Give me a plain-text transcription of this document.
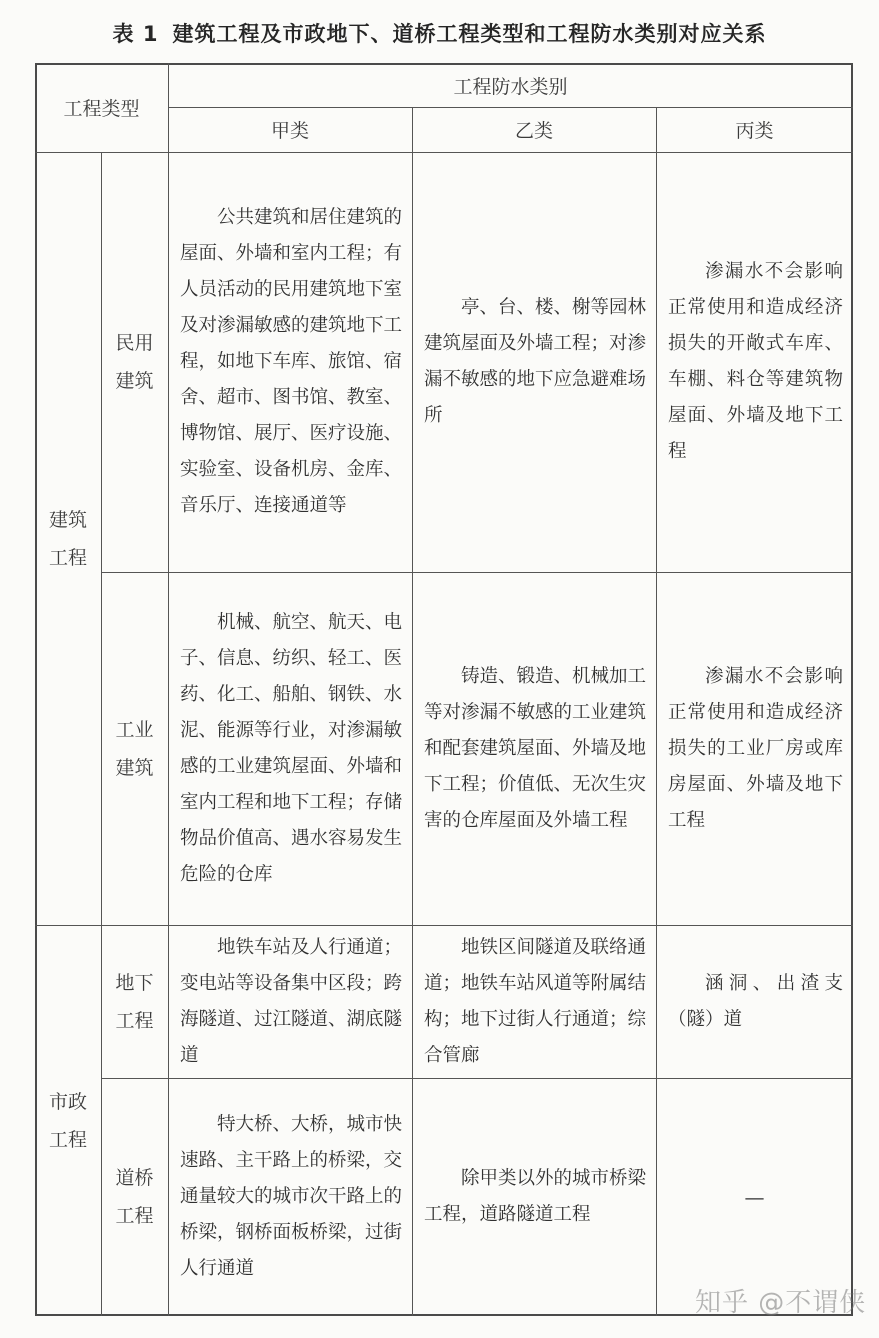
表 1 建筑工程及市政地下、道桥工程类型和工程防水类别对应关系
工程类型
工程防水类别
甲类	乙类	丙类
建筑工程
市政工程
民用建筑
公共建筑和居住建筑的屋面、外墙和室内工程；有人员活动的民用建筑地下室及对渗漏敏感的建筑地下工程，如地下车库、旅馆、宿舍、超市、图书馆、教室、博物馆、展厅、医疗设施、实验室、设备机房、金库、音乐厅、连接通道等
亭、台、楼、榭等园林建筑屋面及外墙工程；对渗漏不敏感的地下应急避难场所
渗漏水不会影响正常使用和造成经济损失的开敞式车库、车棚、料仓等建筑物屋面、外墙及地下工程
工业建筑
机械、航空、航天、电子、信息、纺织、轻工、医药、化工、船舶、钢铁、水泥、能源等行业，对渗漏敏感的工业建筑屋面、外墙和室内工程和地下工程；存储物品价值高、遇水容易发生危险的仓库
铸造、锻造、机械加工等对渗漏不敏感的工业建筑和配套建筑屋面、外墙及地下工程；价值低、无次生灾害的仓库屋面及外墙工程
渗漏水不会影响正常使用和造成经济损失的工业厂房或库房屋面、外墙及地下工程
地下工程
地铁车站及人行通道；变电站等设备集中区段；跨海隧道、过江隧道、湖底隧道
地铁区间隧道及联络通道；地铁车站风道等附属结构；地下过街人行通道；综合管廊
涵洞、出渣支（隧）道
道桥工程
特大桥、大桥，城市快速路、主干路上的桥梁，交通量较大的城市次干路上的桥梁，钢桥面板桥梁，过街人行通道
除甲类以外的城市桥梁工程，道路隧道工程
—
知乎 @不谓侠
